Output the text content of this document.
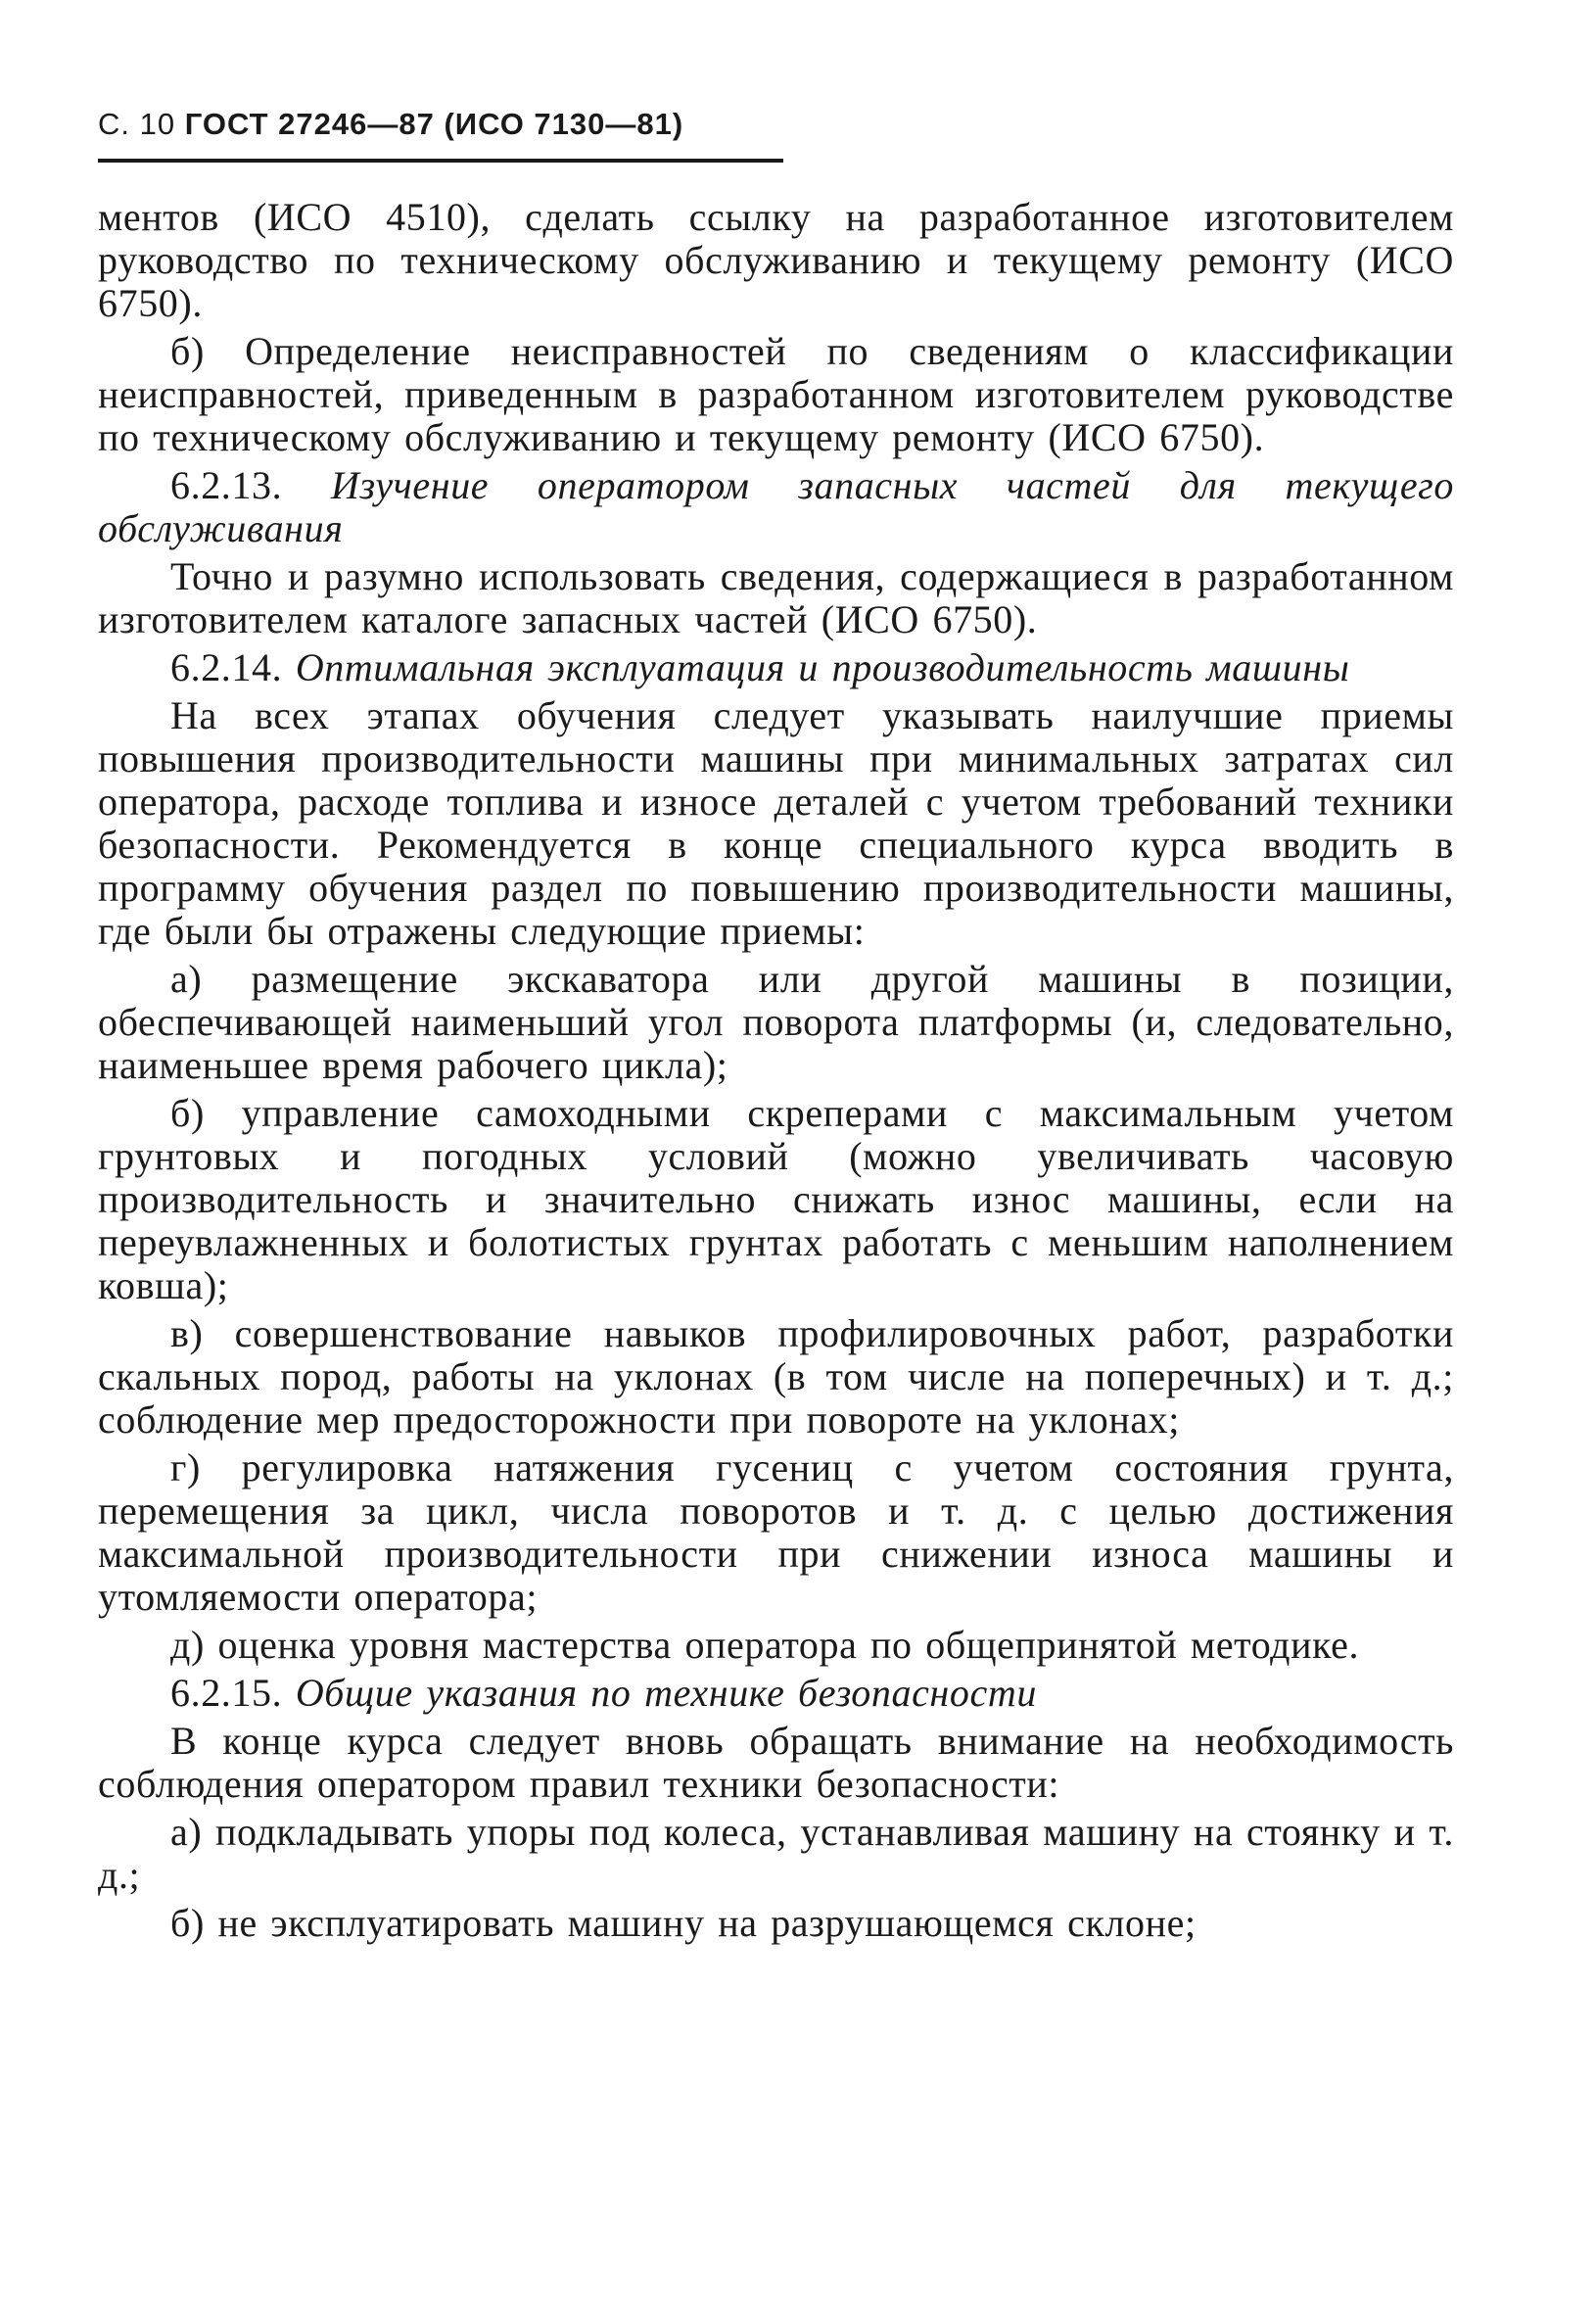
С. 10 ГОСТ 27246—87 (ИСО 7130—81)

ментов (ИСО 4510), сделать ссылку на разработанное изготовителем руководство по техническому обслуживанию и текущему ремонту (ИСО 6750).

б) Определение неисправностей по сведениям о классификации неисправностей, приведенным в разработанном изготовителем руководстве по техническому обслуживанию и текущему ремонту (ИСО 6750).

6.2.13. Изучение оператором запасных частей для текущего обслуживания

Точно и разумно использовать сведения, содержащиеся в разработанном изготовителем каталоге запасных частей (ИСО 6750).

6.2.14. Оптимальная эксплуатация и производительность машины

На всех этапах обучения следует указывать наилучшие приемы повышения производительности машины при минимальных затратах сил оператора, расходе топлива и износе деталей с учетом требований техники безопасности. Рекомендуется в конце специального курса вводить в программу обучения раздел по повышению производительности машины, где были бы отражены следующие приемы:

а) размещение экскаватора или другой машины в позиции, обеспечивающей наименьший угол поворота платформы (и, следовательно, наименьшее время рабочего цикла);

б) управление самоходными скреперами с максимальным учетом грунтовых и погодных условий (можно увеличивать часовую производительность и значительно снижать износ машины, если на переувлажненных и болотистых грунтах работать с меньшим наполнением ковша);

в) совершенствование навыков профилировочных работ, разработки скальных пород, работы на уклонах (в том числе на поперечных) и т. д.; соблюдение мер предосторожности при повороте на уклонах;

г) регулировка натяжения гусениц с учетом состояния грунта, перемещения за цикл, числа поворотов и т. д. с целью достижения максимальной производительности при снижении износа машины и утомляемости оператора;

д) оценка уровня мастерства оператора по общепринятой методике.

6.2.15. Общие указания по технике безопасности

В конце курса следует вновь обращать внимание на необходимость соблюдения оператором правил техники безопасности:

а) подкладывать упоры под колеса, устанавливая машину на стоянку и т. д.;

б) не эксплуатировать машину на разрушающемся склоне;
